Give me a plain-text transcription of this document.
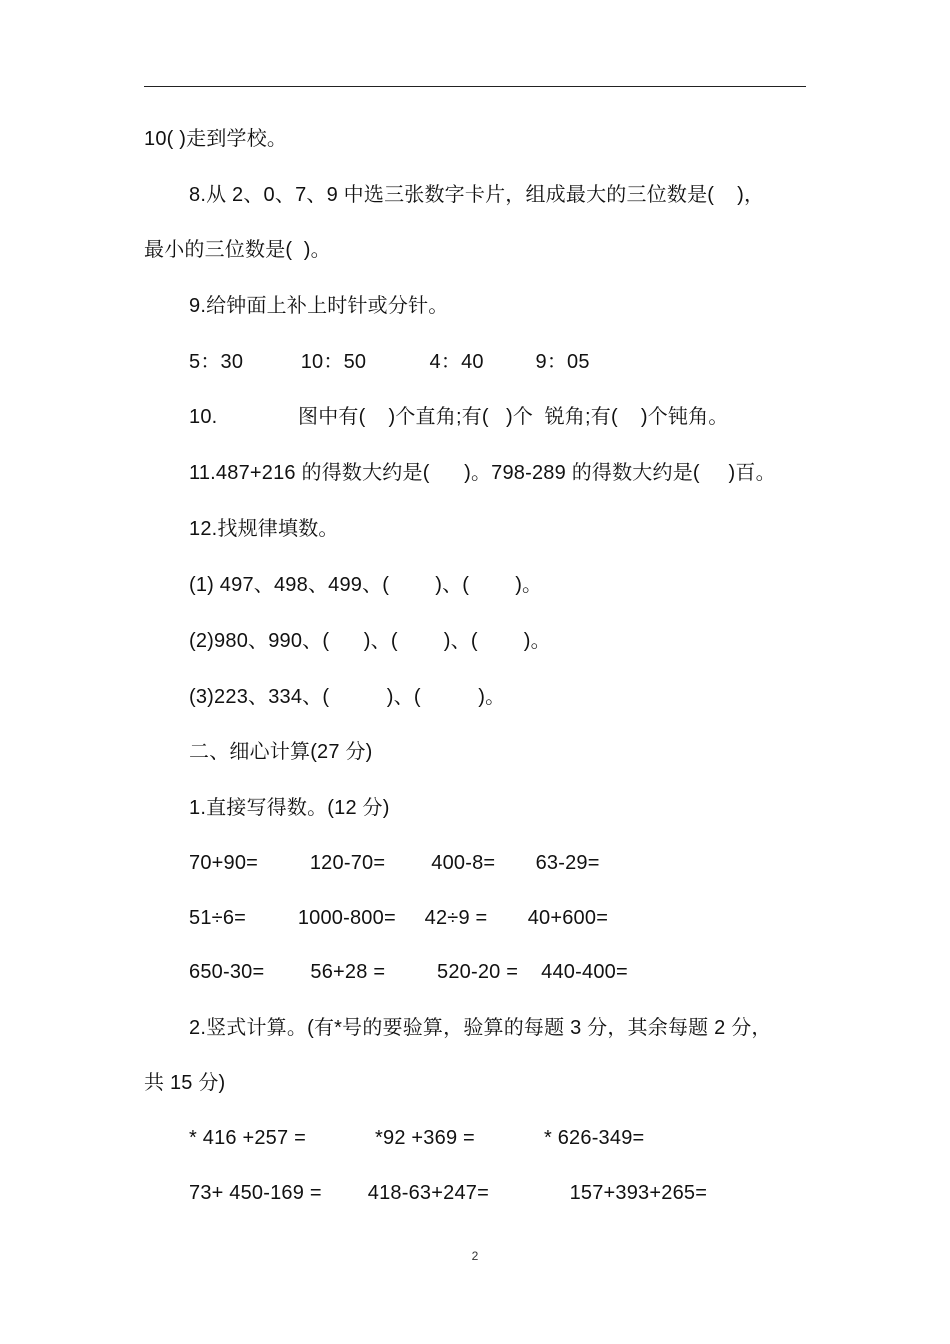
10( )走到学校。
8.从 2、0、7、9 中选三张数字卡片，组成最大的三位数是(    )，
最小的三位数是(  )。
9.给钟面上补上时针或分针。
5：30          10：50           4：40         9：05
10.              图中有(    )个直角;有(   )个  锐角;有(    )个钝角。
11.487+216 的得数大约是(      )。798-289 的得数大约是(     )百。
12.找规律填数。
(1) 497、498、499、(        )、(        )。
(2)980、990、(      )、(        )、(        )。
(3)223、334、(          )、(          )。
二、细心计算(27 分)
1.直接写得数。(12 分)
70+90=         120-70=        400-8=       63-29=
51÷6=         1000-800=     42÷9 =       40+600=
650-30=        56+28 =         520-20 =    440-400=
2.竖式计算。(有*号的要验算，验算的每题 3 分，其余每题 2 分，
共 15 分)
* 416 +257 =            *92 +369 =            * 626-349=
73+ 450-169 =        418-63+247=              157+393+265=
2
